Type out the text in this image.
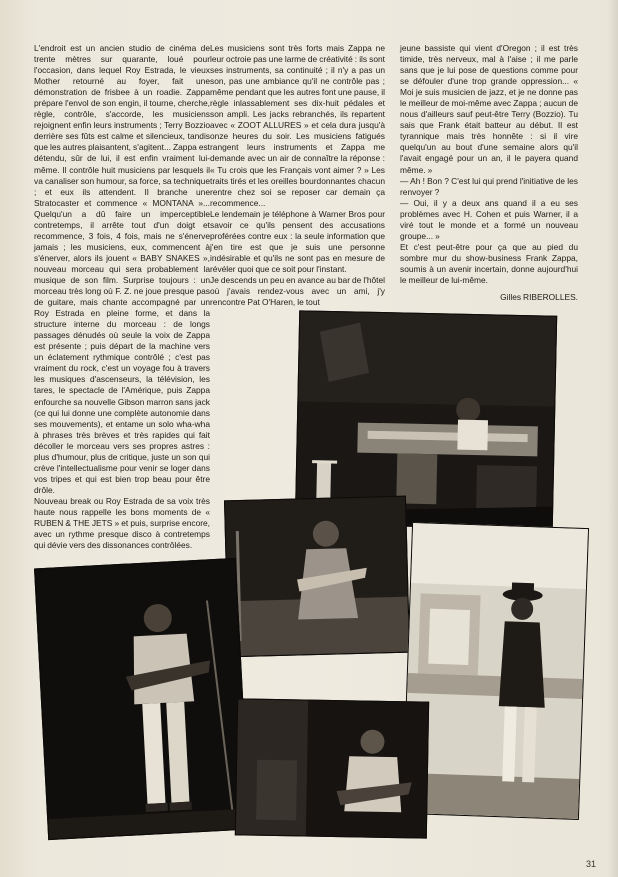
L'endroit est un ancien studio de cinéma de trente mètres sur quarante, loué pour l'occasion, dans lequel Roy Estrada, le vieux Mother retourné au foyer, fait une démonstration de frisbee à un roadie. Zappa prépare l'envol de son engin, il tourne, cherche, règle, contrôle, s'accorde, les musiciens rejoignent enfin leurs instruments ; Terry Bozzio derrière ses fûts est calme et silencieux, tandis que les autres plaisantent, s'agitent... Zappa est détendu, sûr de lui, il est enfin vraiment lui-même. Il contrôle huit musiciens par lesquels il va canaliser son humour, sa force, sa technique ; et eux ils attendent. Il branche une Stratocaster et commence « MONTANA »... Quelqu'un a dû faire un imperceptible contretemps, il arrête tout d'un doigt et recommence, 3 fois, 4 fois, mais ne s'énerve jamais ; les musiciens, eux, commencent à s'énerver, alors ils jouent « BABY SNAKES », nouveau morceau qui sera probablement la musique de son film. Surprise toujours : un morceau très long où F. Z. ne joue presque pas de guitare, mais chante accompagné par un Roy Estrada en pleine forme, et dans la structure interne du morceau : de longs passages dénudés où seule la voix de Zappa est présente ; puis départ de la machine vers un éclatement rythmique contrôlé ; c'est pas vraiment du rock, c'est un voyage fou à travers les musiques d'ascenseurs, la télévision, les tares, le spectacle de l'Amérique, puis Zappa enfourche sa nouvelle Gibson marron sans jack (ce qui lui donne une complète autonomie dans ses mouvements), et entame un solo wha-wha à phrases très brèves et très rapides qui fait décoller le morceau vers ses propres astres : plus d'humour, plus de critique, juste un son qui crève l'intellectualisme pour venir se loger dans vos tripes et qui est bien trop beau pour être drôle.

Nouveau break ou Roy Estrada de sa voix très haute nous rappelle les bons moments de « RUBEN & THE JETS » et puis, surprise encore, avec un rythme presque disco à contretemps qui dévie vers des dissonances contrôlées.

Les musiciens sont très forts mais Zappa ne leur octroie pas une larme de créativité : ils sont ses instruments, sa continuité ; il n'y a pas un son, pas une ambiance qu'il ne contrôle pas ; même pendant que les autres font une pause, il règle inlassablement ses dix-huit pédales et son ampli. Les jacks rebranchés, ils repartent avec « ZOOT ALLURES » et cela dura jusqu'à onze heures du soir. Les musiciens fatigués rangent leurs instruments et Zappa me demande avec un air de connaître la réponse : « Tu crois que les Français vont aimer ? » Les traits tirés et les oreilles bourdonnantes chacun rentre chez soi se reposer car demain ça recommence...

Le lendemain je téléphone à Warner Bros pour savoir ce qu'ils pensent des accusations proférées contre eux : la seule information que j'en tire est que je suis une personne indésirable et qu'ils ne sont pas en mesure de révéler quoi que ce soit pour l'instant.

Je descends un peu en avance au bar de l'hôtel où j'avais rendez-vous avec un ami, j'y rencontre Pat O'Haren, le tout

jeune bassiste qui vient d'Oregon ; il est très timide, très nerveux, mal à l'aise ; il me parle sans que je lui pose de questions comme pour se défouler d'une trop grande oppression... « Moi je suis musicien de jazz, et je ne donne pas le meilleur de moi-même avec Zappa ; aucun de nous d'ailleurs sauf peut-être Terry (Bozzio). Tu sais que Frank était batteur au début. Il est tyrannique mais très honnête : si il vire quelqu'un au bout d'une semaine alors qu'il l'avait engagé pour un an, il le payera quand même. »

— Ah ! Bon ? C'est lui qui prend l'initiative de les renvoyer ?

— Oui, il y a deux ans quand il a eu ses problèmes avec H. Cohen et puis Warner, il a viré tout le monde et a formé un nouveau groupe... »

Et c'est peut-être pour ça que au pied du sombre mur du show-business Frank Zappa, soumis à un avenir incertain, donne aujourd'hui le meilleur de lui-même.

Gilles RIBEROLLES.

31
